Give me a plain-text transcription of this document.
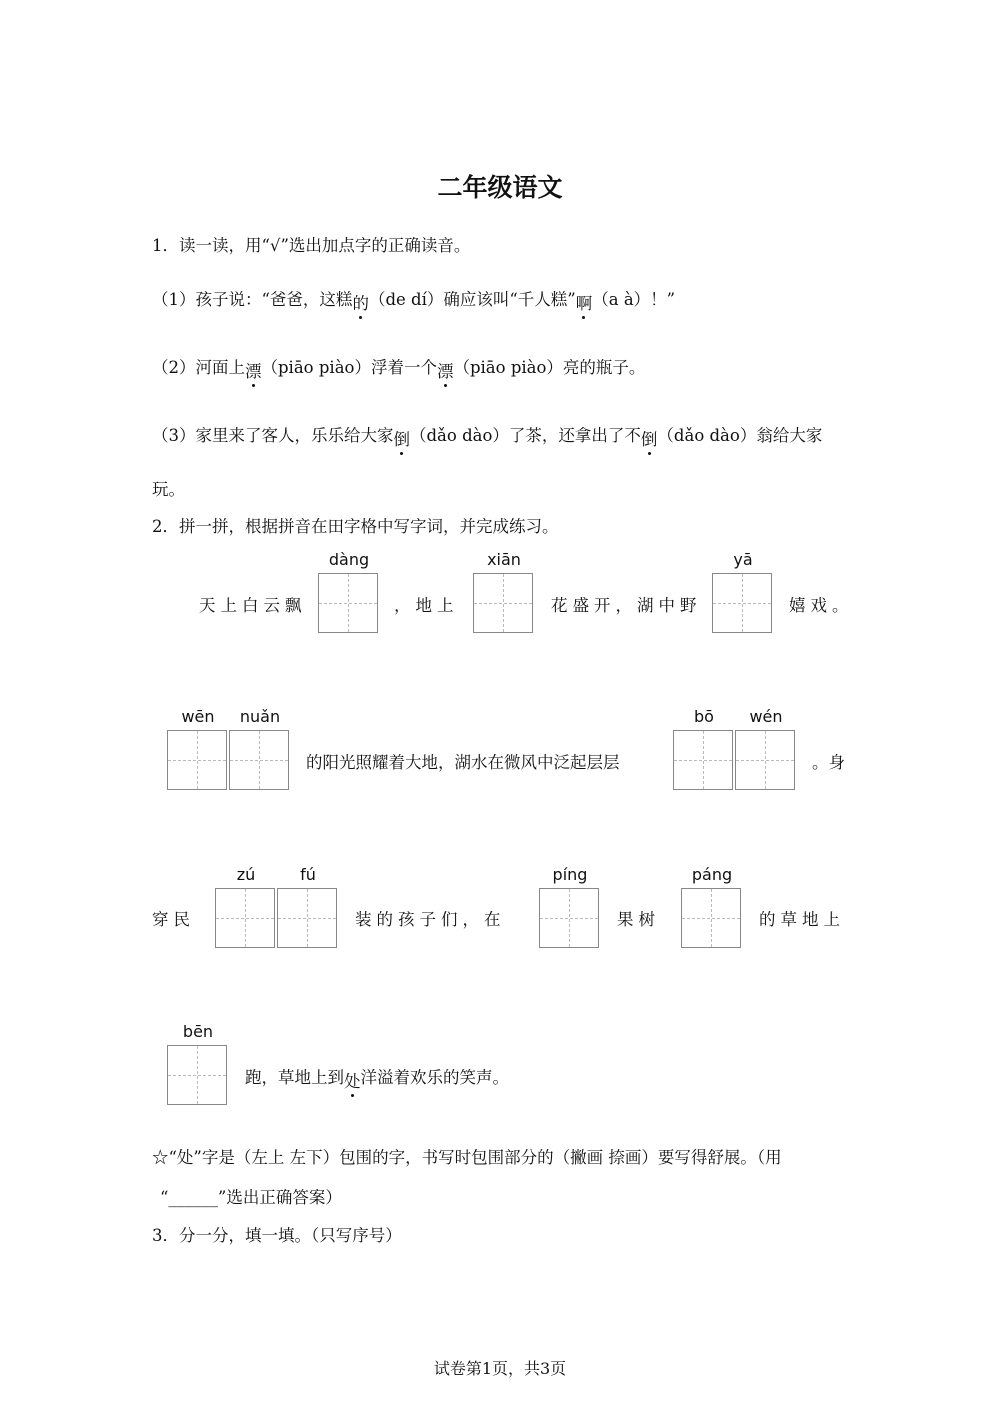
二年级语文
1．读一读，用“√”选出加点字的正确读音。
（1）孩子说：“爸爸，这糕的（de dí）确应该叫“千人糕”啊（a à）！”
（2）河面上漂（piāo piào）浮着一个漂（piāo piào）亮的瓶子。
（3）家里来了客人，乐乐给大家倒（dǎo dào）了茶，还拿出了不倒（dǎo dào）翁给大家
玩。
2．拼一拼，根据拼音在田字格中写字词，并完成练习。
天上白云飘
dàng
，地上
xiān
花盛开，湖中野
yā
嬉戏。
wēn	nuǎn
的阳光照耀着大地，湖水在微风中泛起层层
bō	wén
。身
穿民
zú	fú
装的孩子们，在
píng
果树
páng
的草地上
bēn
跑，草地上到处洋溢着欢乐的笑声。
☆“处”字是（左上 左下）包围的字，书写时包围部分的（撇画 捺画）要写得舒展。（用
“______”选出正确答案）
3．分一分，填一填。（只写序号）
试卷第1页，共3页
